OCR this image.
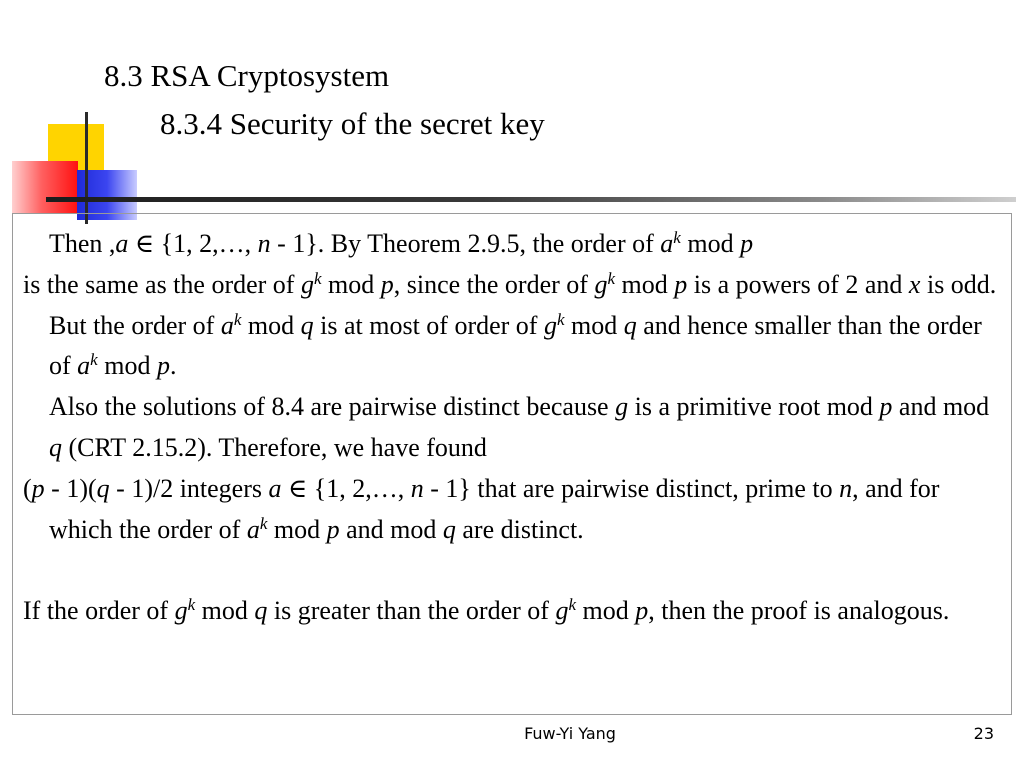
8.3 RSA Cryptosystem
8.3.4 Security of the secret key

Then ,a ∈ {1, 2,…, n - 1}. By Theorem 2.9.5, the order of $a^k$ mod p
is the same as the order of $g^k$ mod p, since the order of $g^k$ mod p is a powers of 2 and x is odd.

But the order of $a^k$ mod q is at most of order of $g^k$ mod q and hence smaller than the order of $a^k$ mod p.

Also the solutions of 8.4 are pairwise distinct because g is a primitive root mod p and mod q (CRT 2.15.2). Therefore, we have found
(p - 1)(q - 1)/2 integers a ∈ {1, 2,…, n - 1} that are pairwise distinct, prime to n, and for which the order of $a^k$ mod p and mod q are distinct.

If the order of $g^k$ mod q is greater than the order of $g^k$ mod p, then the proof is analogous.

Fuw-Yi Yang	23
